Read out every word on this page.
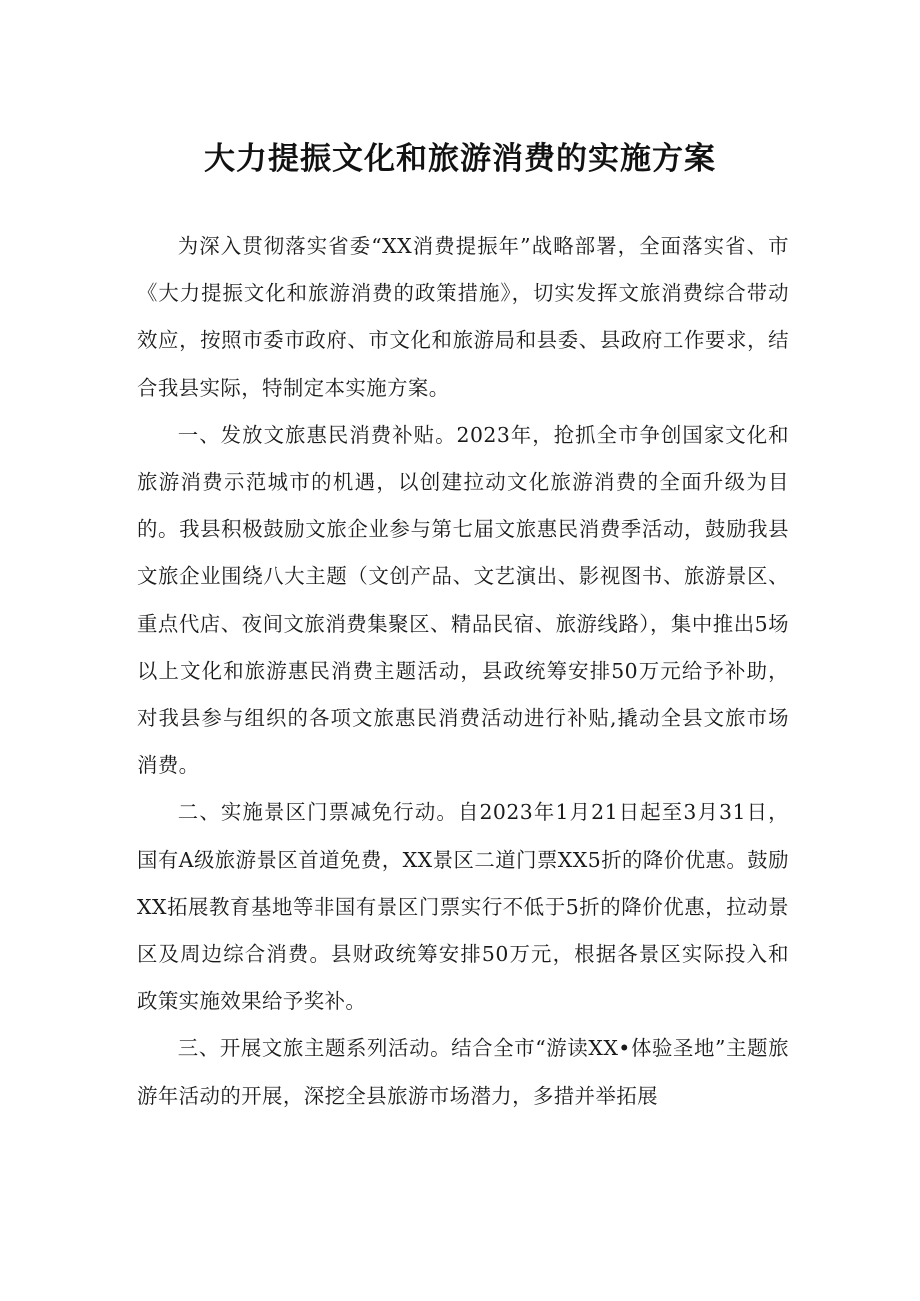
大力提振文化和旅游消费的实施方案

为深入贯彻落实省委“XX消费提振年”战略部署，全面落实省、市《大力提振文化和旅游消费的政策措施》，切实发挥文旅消费综合带动效应，按照市委市政府、市文化和旅游局和县委、县政府工作要求，结合我县实际，特制定本实施方案。

一、发放文旅惠民消费补贴。2023年，抢抓全市争创国家文化和旅游消费示范城市的机遇，以创建拉动文化旅游消费的全面升级为目的。我县积极鼓励文旅企业参与第七届文旅惠民消费季活动，鼓励我县文旅企业围绕八大主题（文创产品、文艺演出、影视图书、旅游景区、重点代店、夜间文旅消费集聚区、精品民宿、旅游线路），集中推出5场以上文化和旅游惠民消费主题活动，县政统筹安排50万元给予补助，对我县参与组织的各项文旅惠民消费活动进行补贴,撬动全县文旅市场消费。

二、实施景区门票减免行动。自2023年1月21日起至3月31日，国有A级旅游景区首道免费，XX景区二道门票XX5折的降价优惠。鼓励XX拓展教育基地等非国有景区门票实行不低于5折的降价优惠，拉动景区及周边综合消费。县财政统筹安排50万元，根据各景区实际投入和政策实施效果给予奖补。

三、开展文旅主题系列活动。结合全市“游读XX•体验圣地”主题旅游年活动的开展，深挖全县旅游市场潜力，多措并举拓展
